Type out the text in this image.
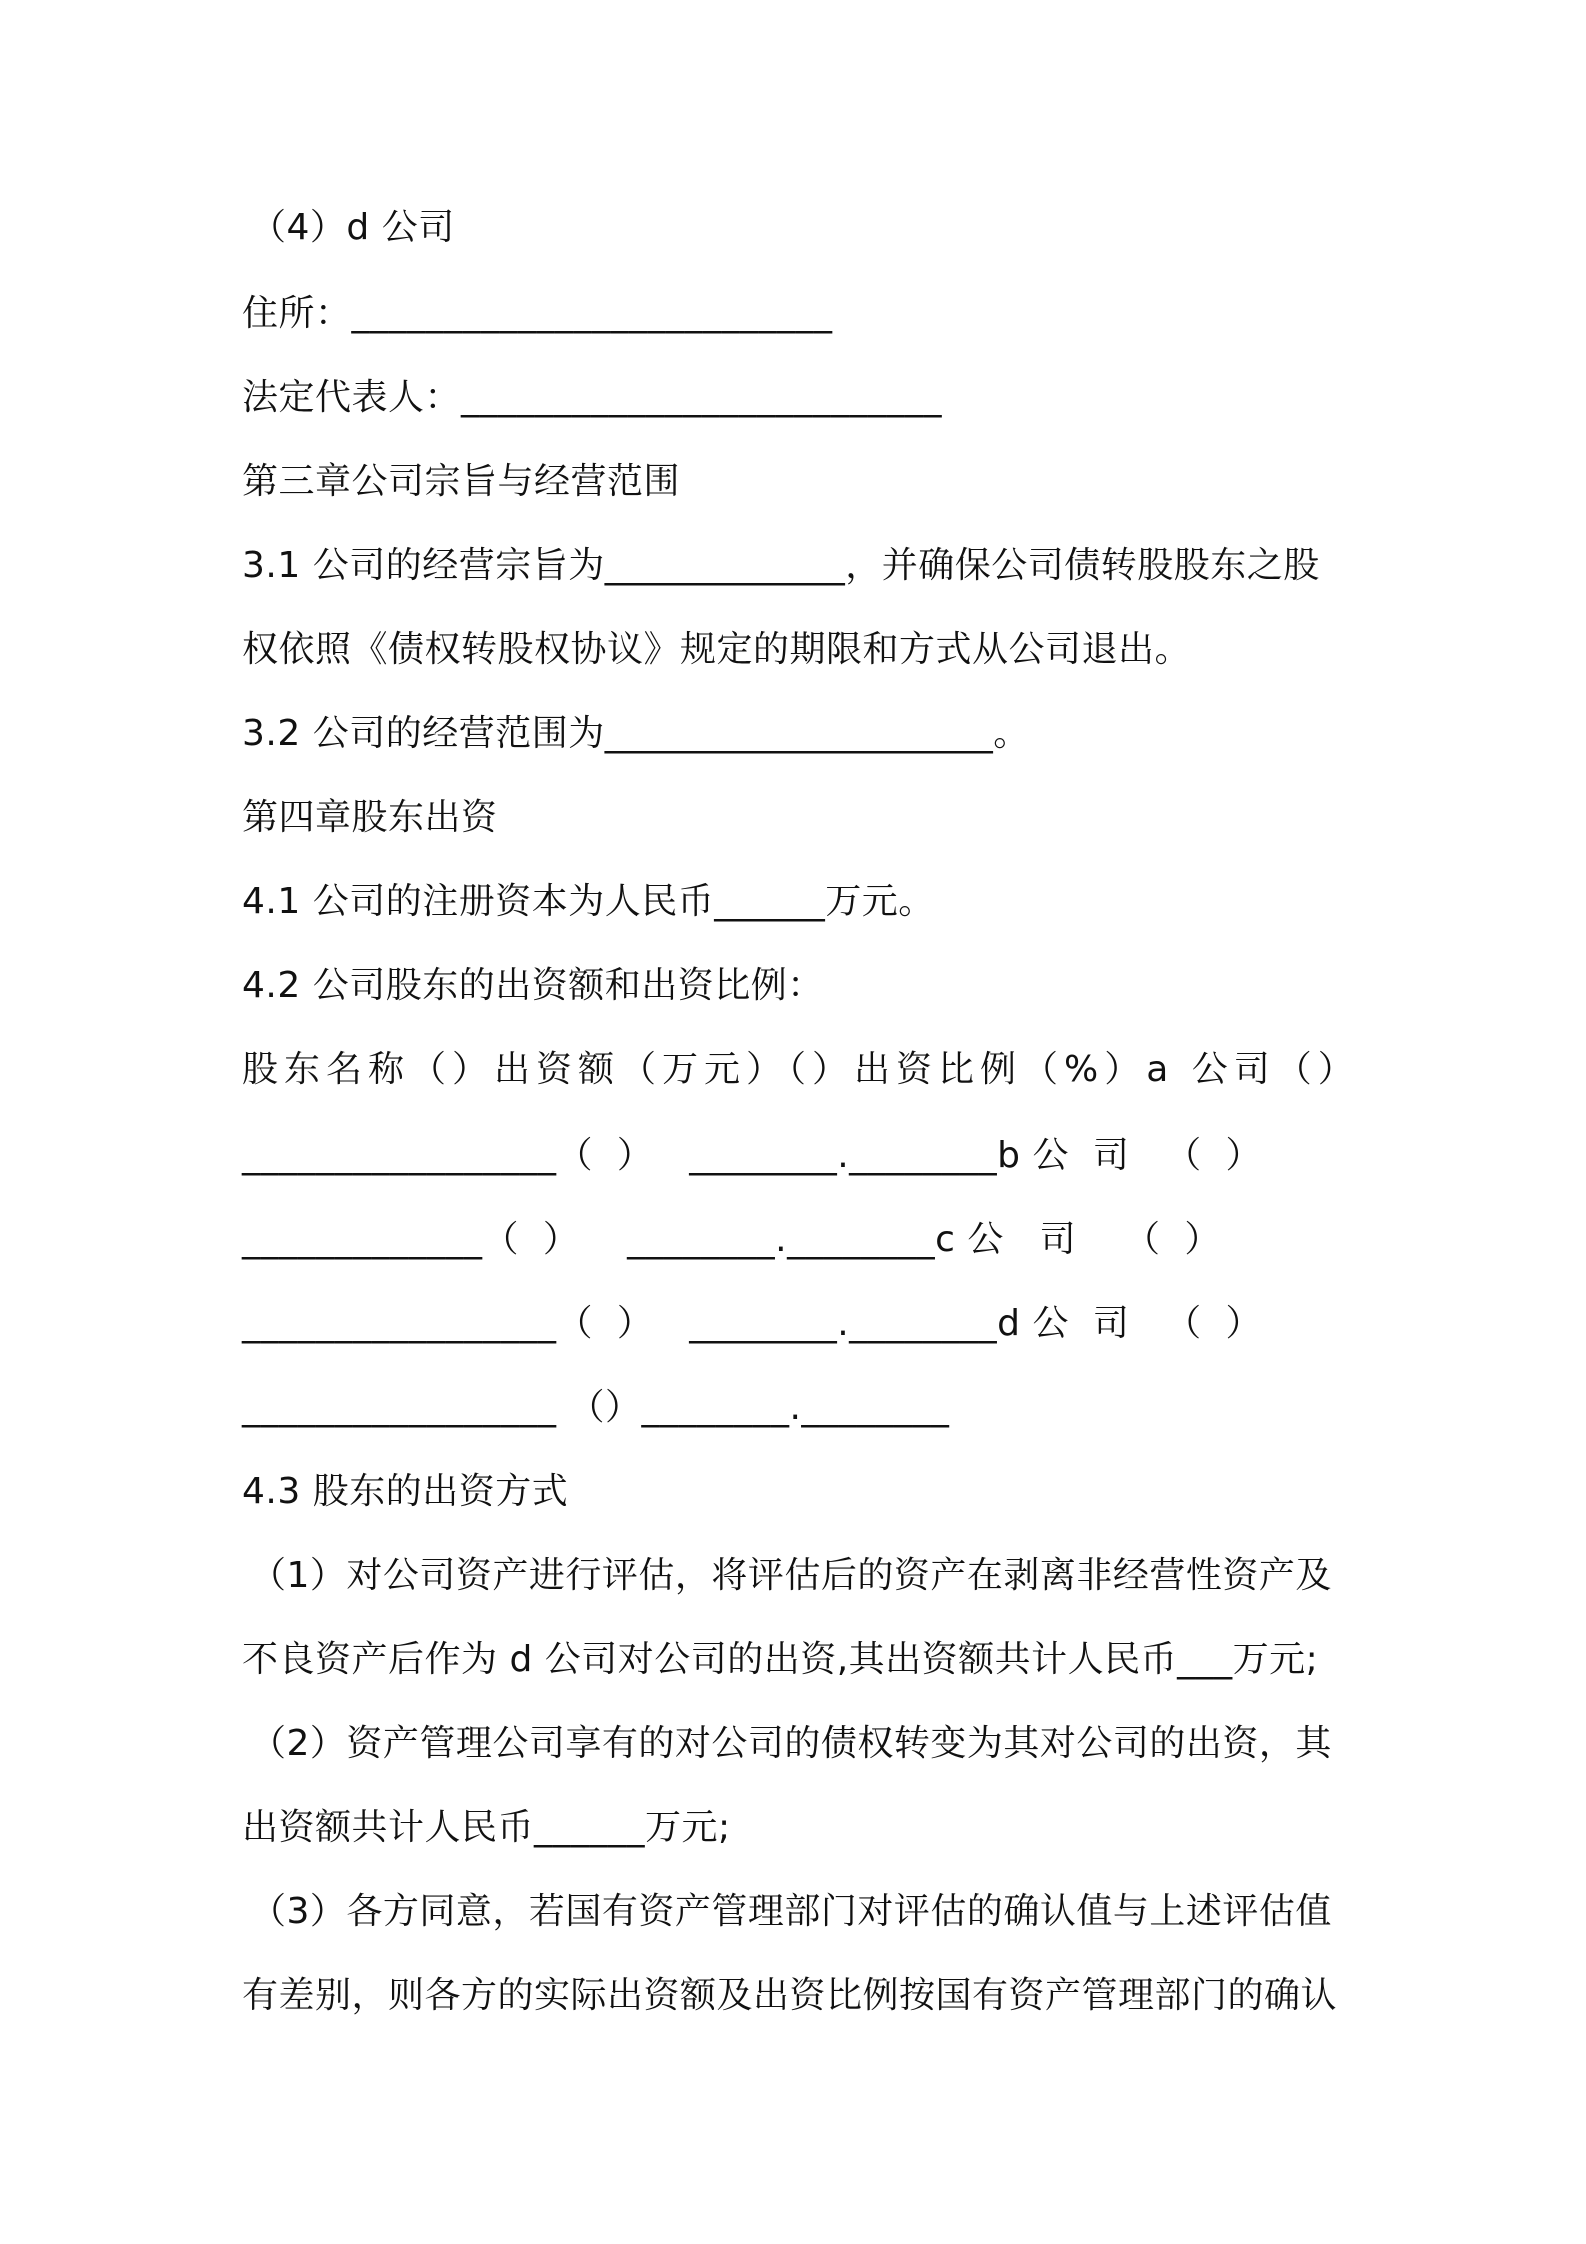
（4）d 公司
住所：__________________________
法定代表人：__________________________
第三章公司宗旨与经营范围
3.1 公司的经营宗旨为_____________，并确保公司债转股股东之股
权依照《债权转股权协议》规定的期限和方式从公司退出。
3.2 公司的经营范围为_____________________。
第四章股东出资
4.1 公司的注册资本为人民币______万元。
4.2 公司股东的出资额和出资比例：
股东名称（）出资额（万元）（）出资比例（%）a 公司（）
_________________（  ）   ________.________b 公  司   （  ）
_____________（  ）    ________.________c 公   司    （  ）
_________________（  ）   ________.________d 公  司   （  ）
_________________ （）________.________
4.3 股东的出资方式
（1）对公司资产进行评估，将评估后的资产在剥离非经营性资产及
不良资产后作为 d 公司对公司的出资,其出资额共计人民币___万元;
（2）资产管理公司享有的对公司的债权转变为其对公司的出资，其
出资额共计人民币______万元;
（3）各方同意，若国有资产管理部门对评估的确认值与上述评估值
有差别，则各方的实际出资额及出资比例按国有资产管理部门的确认
